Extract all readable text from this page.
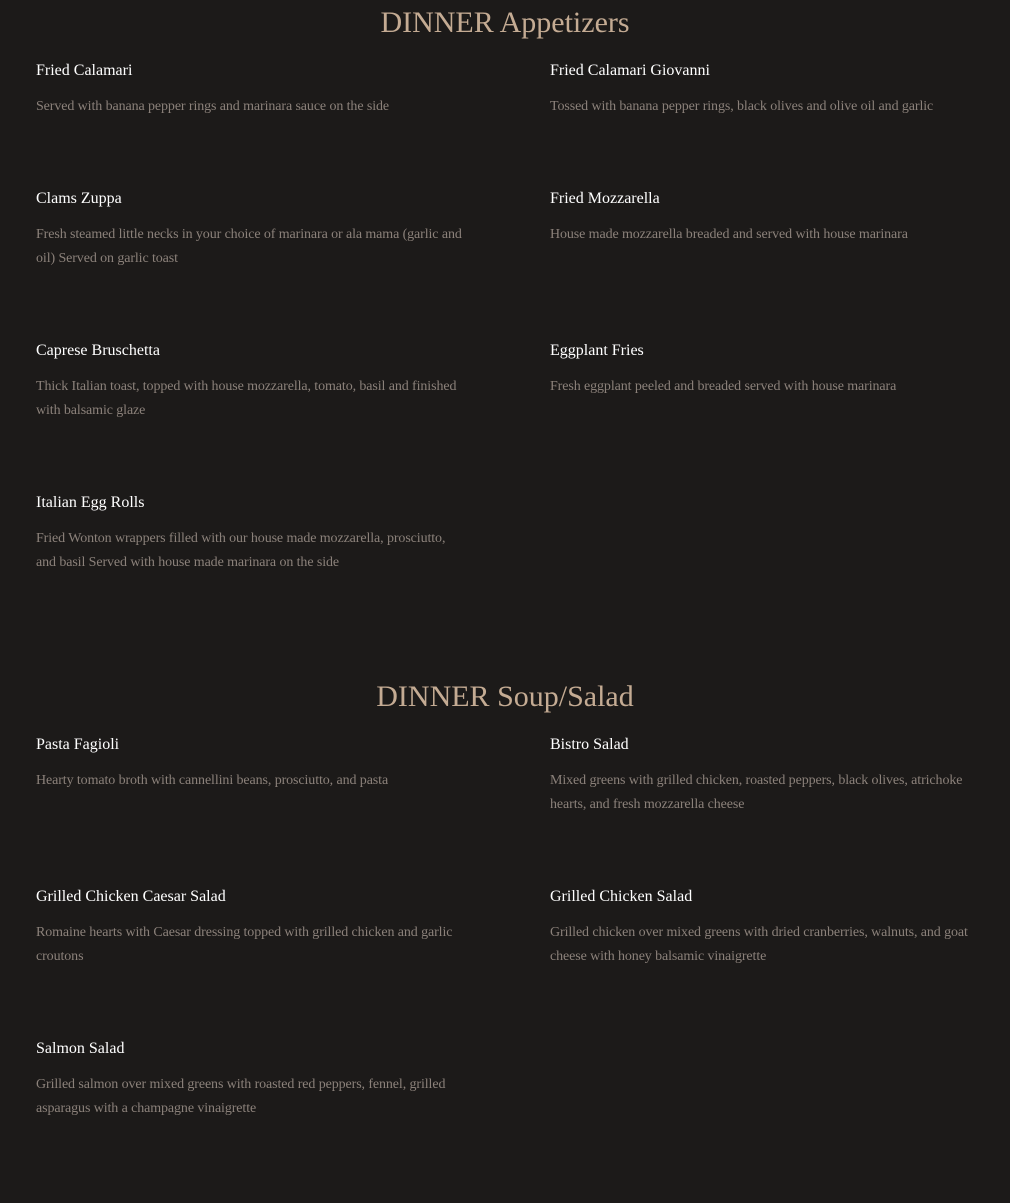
DINNER Appetizers
Fried Calamari
Served with banana pepper rings and marinara sauce on the side
Fried Calamari Giovanni
Tossed with banana pepper rings, black olives and olive oil and garlic
Clams Zuppa
Fresh steamed little necks in your choice of marinara or ala mama (garlic and oil) Served on garlic toast
Fried Mozzarella
House made mozzarella breaded and served with house marinara
Caprese Bruschetta
Thick Italian toast, topped with house mozzarella, tomato, basil and finished with balsamic glaze
Eggplant Fries
Fresh eggplant peeled and breaded served with house marinara
Italian Egg Rolls
Fried Wonton wrappers filled with our house made mozzarella, prosciutto, and basil Served with house made marinara on the side
DINNER Soup/Salad
Pasta Fagioli
Hearty tomato broth with cannellini beans, prosciutto, and pasta
Bistro Salad
Mixed greens with grilled chicken, roasted peppers, black olives, atrichoke hearts, and fresh mozzarella cheese
Grilled Chicken Caesar Salad
Romaine hearts with Caesar dressing topped with grilled chicken and garlic croutons
Grilled Chicken Salad
Grilled chicken over mixed greens with dried cranberries, walnuts, and goat cheese with honey balsamic vinaigrette
Salmon Salad
Grilled salmon over mixed greens with roasted red peppers, fennel, grilled asparagus with a champagne vinaigrette
